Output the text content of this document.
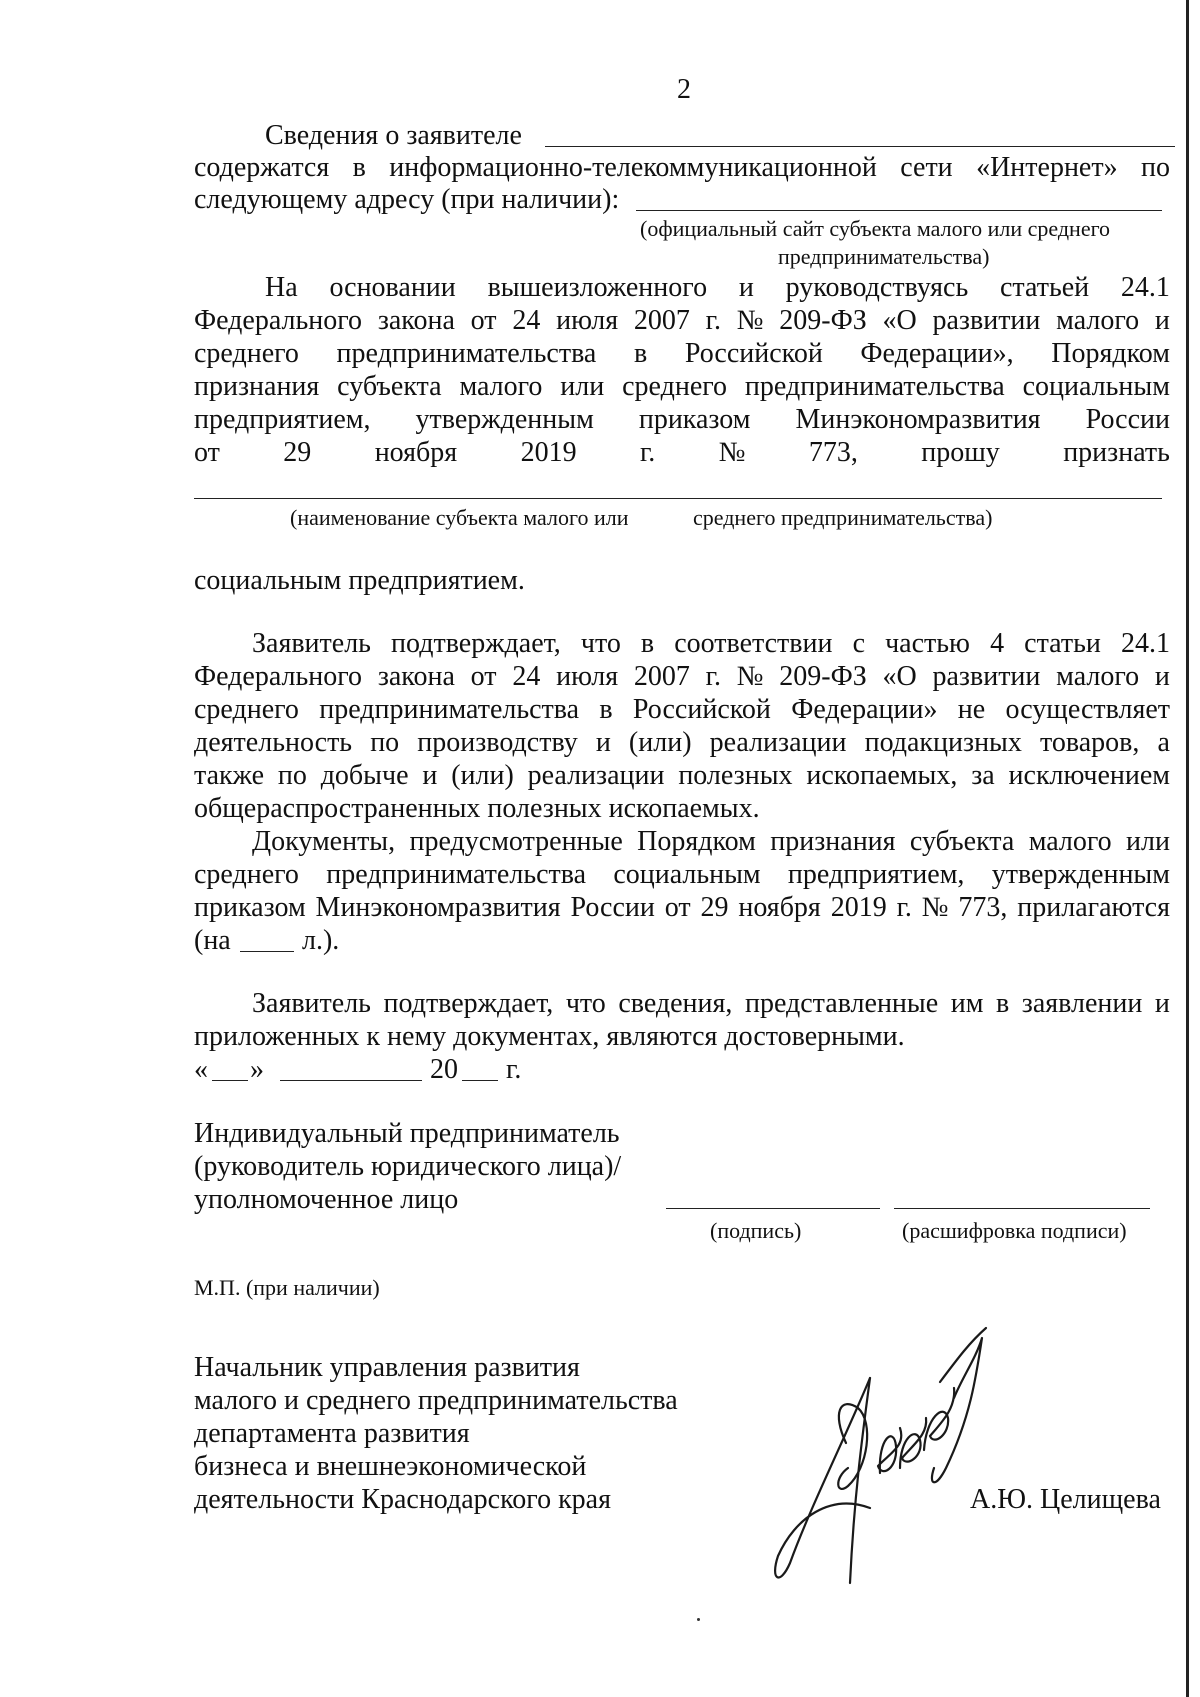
2
Сведения о заявителе
содержатся в информационно-телекоммуникационной сети «Интернет» по
следующему адресу (при наличии):
(официальный сайт субъекта малого или среднего
предпринимательства)
На основании вышеизложенного и руководствуясь статьей 24.1
Федерального закона от 24 июля 2007 г. № 209-ФЗ «О развитии малого и
среднего предпринимательства в Российской Федерации», Порядком
признания субъекта малого или среднего предпринимательства социальным
предприятием, утвержденным приказом Минэкономразвития России
от 29 ноября 2019 г. № 773, прошу признать
(наименование субъекта малого или	среднего предпринимательства)
социальным предприятием.
Заявитель подтверждает, что в соответствии с частью 4 статьи 24.1
Федерального закона от 24 июля 2007 г. № 209-ФЗ «О развитии малого и
среднего предпринимательства в Российской Федерации» не осуществляет
деятельность по производству и (или) реализации подакцизных товаров, а
также по добыче и (или) реализации полезных ископаемых, за исключением
общераспространенных полезных ископаемых.
Документы, предусмотренные Порядком признания субъекта малого или
среднего предпринимательства социальным предприятием, утвержденным
приказом Минэкономразвития России от 29 ноября 2019 г. № 773, прилагаются
(на	л.).
Заявитель подтверждает, что сведения, представленные им в заявлении и
приложенных к нему документах, являются достоверными.
« »	20 г.
Индивидуальный предприниматель
(руководитель юридического лица)/
уполномоченное лицо
(подпись)	(расшифровка подписи)
М.П. (при наличии)
Начальник управления развития
малого и среднего предпринимательства
департамента развития
бизнеса и внешнеэкономической
деятельности Краснодарского края	А.Ю. Целищева
